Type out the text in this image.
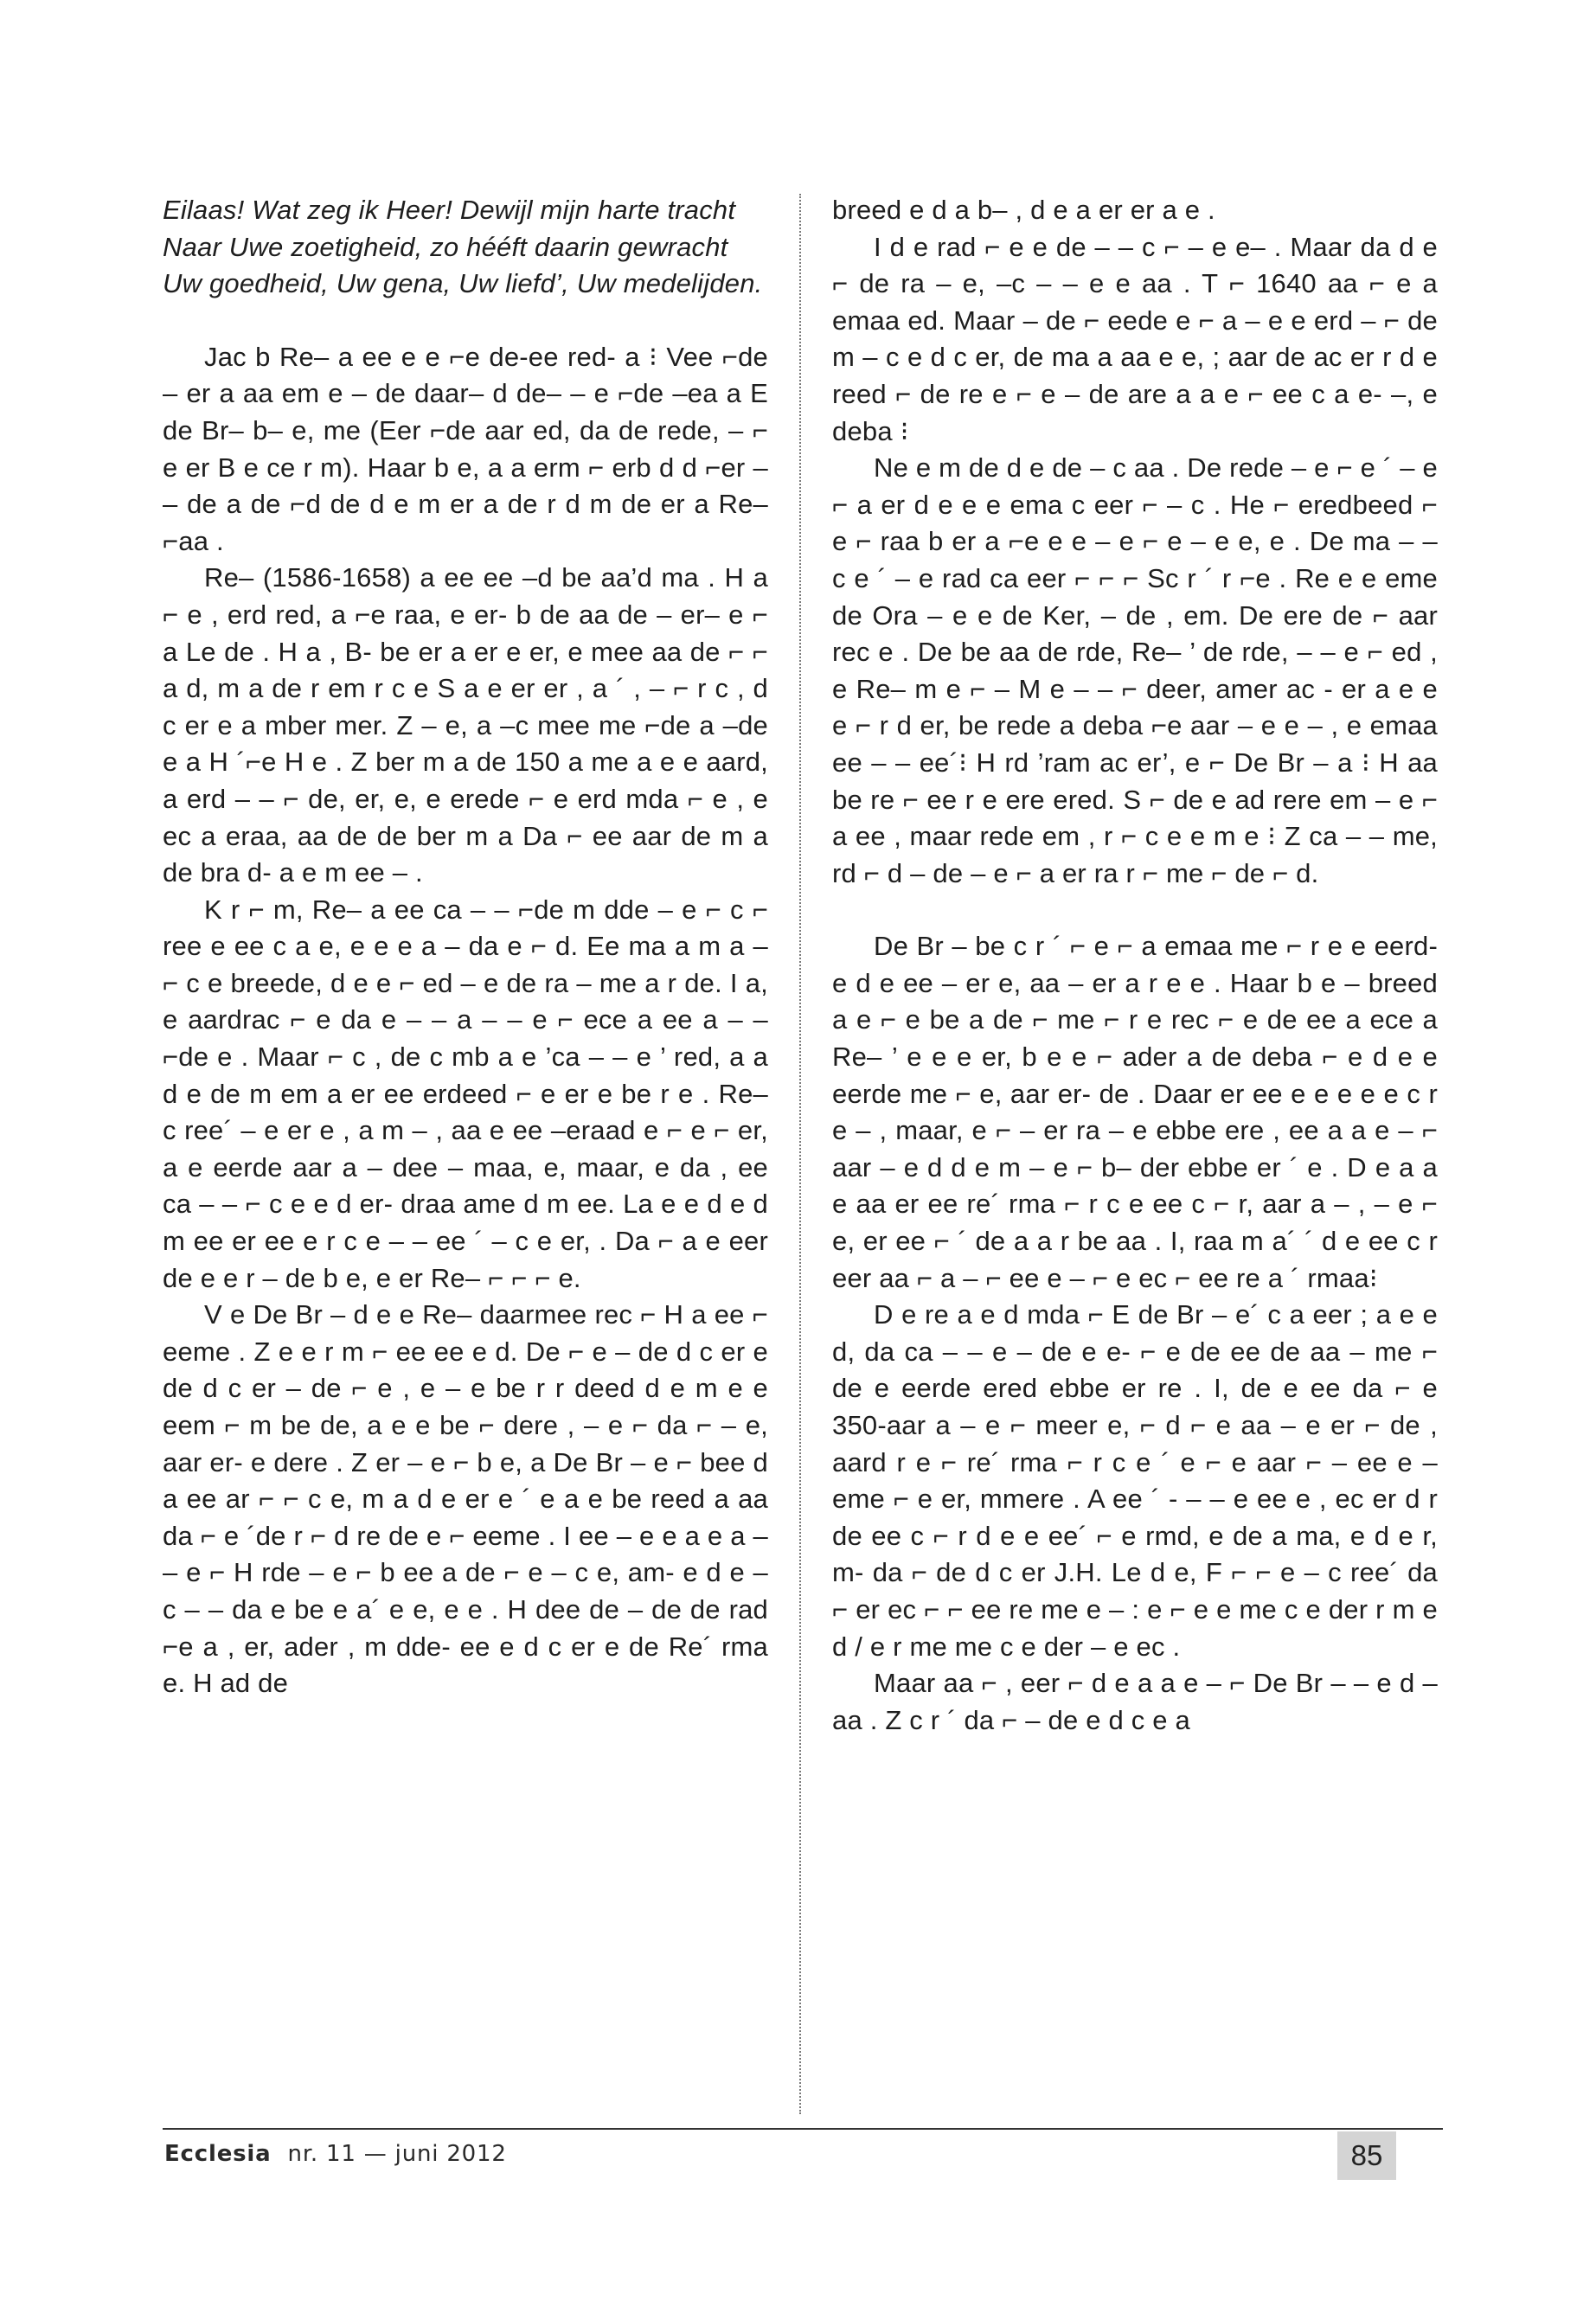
Eilaas! Wat zeg ik Heer! Dewijl mijn harte tracht
Naar Uwe zoetigheid, zo hééft daarin gewracht
Uw goedheid, Uw gena, Uw liefd’, Uw medelijden.

Jac b Re– a ee e e ⌐e de-ee red- a ⁝ Vee ⌐de – er a aa em e – de daar– d de– – e ⌐de –ea a E de Br– b– e, me (Eer ⌐de aar ed, da de rede, – ⌐ e er B e ce r m). Haar b e, a a erm ⌐ erb d d ⌐er – – de a de ⌐d de d e m er a de r d m de er a Re– ⌐aa .

Re– (1586-1658) a ee ee –d be aa’d ma . H a ⌐ e , erd red, a ⌐e raa, e er- b de aa de – er– e ⌐ a Le de . H a , B- be er a er e er, e mee aa de ⌐ ⌐ a d, m a de r em r c e S a e er er , a ´ , – ⌐ r c , d c er e a mber mer. Z – e, a –c mee me ⌐de a –de e a H ´⌐e H e . Z ber m a de 150 a me a e e aard, a erd – – ⌐ de, er, e, e erede ⌐ e erd mda ⌐ e , e ec a eraa, aa de de ber m a Da ⌐ ee aar de m a de bra d- a e m ee – .

K r ⌐ m, Re– a ee ca – – ⌐de m dde – e ⌐ c ⌐ ree e ee c a e, e e e a – da e ⌐ d. Ee ma a m a – ⌐ c e breede, d e e ⌐ ed – e de ra – me a r de. I a, e aardrac ⌐ e da e – – a – – e ⌐ ece a ee a – – ⌐de e . Maar ⌐ c , de c mb a e ’ca – – e ’ red, a a d e de m em a er ee erdeed ⌐ e er e be r e . Re– c ree´ – e er e , a m – , aa e ee –eraad e ⌐ e ⌐ er, a e eerde aar a – dee – maa, e, maar, e da , ee ca – – ⌐ c e e d er- draa ame d m ee. La e e d e d m ee er ee e r c e – – ee ´ – c e er, . Da ⌐ a e eer de e e r – de b e, e er Re– ⌐ ⌐ ⌐ e.

V e De Br – d e e Re– daarmee rec ⌐ H a ee ⌐ eeme . Z e e r m ⌐ ee ee e d. De ⌐ e – de d c er e de d c er – de ⌐ e , e – e be r r deed d e m e e eem ⌐ m be de, a e e be ⌐ dere , – e ⌐ da ⌐ – e, aar er- e dere . Z er – e ⌐ b e, a De Br – e ⌐ bee d a ee ar ⌐ ⌐ c e, m a d e er e ´ e a e be reed a aa da ⌐ e ´de r ⌐ d re de e ⌐ eeme . I ee – e e a e a – – e ⌐ H rde – e ⌐ b ee a de ⌐ e – c e, am- e d e – c – – da e be e a´ e e, e e . H dee de – de de rad ⌐e a , er, ader , m dde- ee e d c er e de Re´ rma e. H ad de

breed e d a b– , d e a er er a e .

I d e rad ⌐ e e de – – c ⌐ – e e– . Maar da d e ⌐ de ra – e, –c – – e e aa . T ⌐ 1640 aa ⌐ e a emaa ed. Maar – de ⌐ eede e ⌐ a – e e erd – ⌐ de m – c e d c er, de ma a aa e e, ; aar de ac er r d e reed ⌐ de re e ⌐ e – de are a a e ⌐ ee c a e- –, e deba ⁝

Ne e m de d e de – c aa . De rede – e ⌐ e ´ – e ⌐ a er d e e e ema c eer ⌐ – c . He ⌐ eredbeed ⌐ e ⌐ raa b er a ⌐e e e – e ⌐ e – e e, e . De ma – – c e ´ – e rad ca eer ⌐ ⌐ ⌐ Sc r ´ r ⌐e . Re e e eme de Ora – e e de Ker, – de , em. De ere de ⌐ aar rec e . De be aa de rde, Re– ’ de rde, – – e ⌐ ed , e Re– m e ⌐ – M e – – ⌐ deer, amer ac - er a e e e ⌐ r d er, be rede a deba ⌐e aar – e e – , e emaa ee – – ee´⁝ H rd ’ram ac er’, e ⌐ De Br – a ⁝ H aa be re ⌐ ee r e ere ered. S ⌐ de e ad rere em – e ⌐ a ee , maar rede em , r ⌐ c e e m e ⁝ Z ca – – me, rd ⌐ d – de – e ⌐ a er ra r ⌐ me ⌐ de ⌐ d.

De Br – be c r ´ ⌐ e ⌐ a emaa me ⌐ r e e eerd- e d e ee – er e, aa – er a r e e . Haar b e – breed a e ⌐ e be a de ⌐ me ⌐ r e rec ⌐ e de ee a ece a Re– ’ e e e er, b e e ⌐ ader a de deba ⌐ e d e e eerde me ⌐ e, aar er- de . Daar er ee e e e e e c r e – , maar, e ⌐ – er ra – e ebbe ere , ee a a e – ⌐ aar – e d d e m – e ⌐ b– der ebbe er ´ e . D e a a e aa er ee re´ rma ⌐ r c e ee c ⌐ r, aar a – , – e ⌐ e, er ee ⌐ ´ de a a r be aa . I, raa m a´ ´ d e ee c r eer aa ⌐ a – ⌐ ee e – ⌐ e ec ⌐ ee re a ´ rmaa⁝

D e re a e d mda ⌐ E de Br – e´ c a eer ; a e e d, da ca – – e – de e e- ⌐ e de ee de aa – me ⌐ de e eerde ered ebbe er re . I, de e ee da ⌐ e 350-aar a – e ⌐ meer e, ⌐ d ⌐ e aa – e er ⌐ de , aard r e ⌐ re´ rma ⌐ r c e ´ e ⌐ e aar ⌐ – ee e – eme ⌐ e er, mmere . A ee ´ - – – e ee e , ec er d r de ee c ⌐ r d e e ee´ ⌐ e rmd, e de a ma, e d e r, m- da ⌐ de d c er J.H. Le d e, F ⌐ ⌐ e – c ree´ da ⌐ er ec ⌐ ⌐ ee re me e – : e ⌐ e e me c e der r m e d / e r me me c e der – e ec .

Maar aa ⌐ , eer ⌐ d e a a e – ⌐ De Br – – e d – aa . Z c r ´ da ⌐ – de e d c e a

Ecclesia nr. 11 — juni 2012	85
